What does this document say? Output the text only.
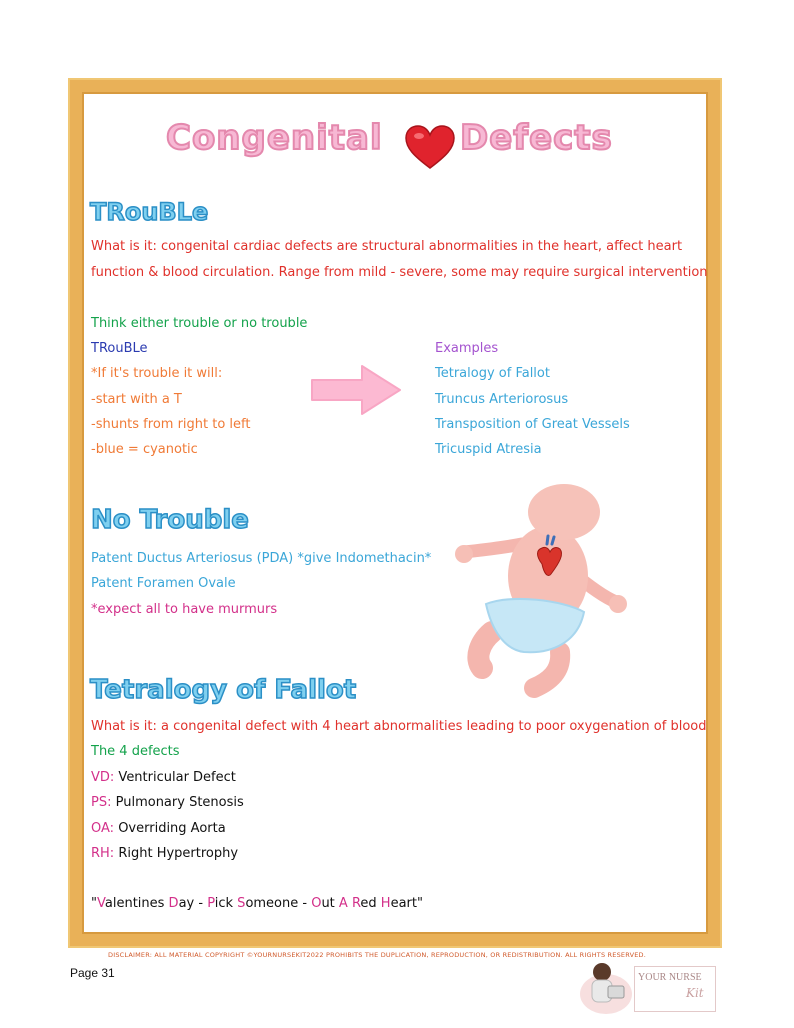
Congenital Defects
TRouBLe
What is it: congenital cardiac defects are structural abnormalities in the heart, affect heart
function & blood circulation. Range from mild - severe, some may require surgical intervention
Think either trouble or no trouble
TRouBLe
*If it's trouble it will:
-start with a T
-shunts from right to left
-blue = cyanotic
Examples
Tetralogy of Fallot
Truncus Arteriorosus
Transposition of Great Vessels
Tricuspid Atresia
No Trouble
Patent Ductus Arteriosus (PDA) *give Indomethacin*
Patent Foramen Ovale
*expect all to have murmurs
Tetralogy of Fallot
What is it: a congenital defect with 4 heart abnormalities leading to poor oxygenation of blood
The 4 defects
VD: Ventricular Defect
PS: Pulmonary Stenosis
OA: Overriding Aorta
RH: Right Hypertrophy
"Valentines Day - Pick Someone - Out A Red Heart"
DISCLAIMER: ALL MATERIAL COPYRIGHT ©YOURNURSEKIT2022 PROHIBITS THE DUPLICATION, REPRODUCTION, OR REDISTRIBUTION. ALL RIGHTS RESERVED.
Page 31	YOUR NURSE
Kit
